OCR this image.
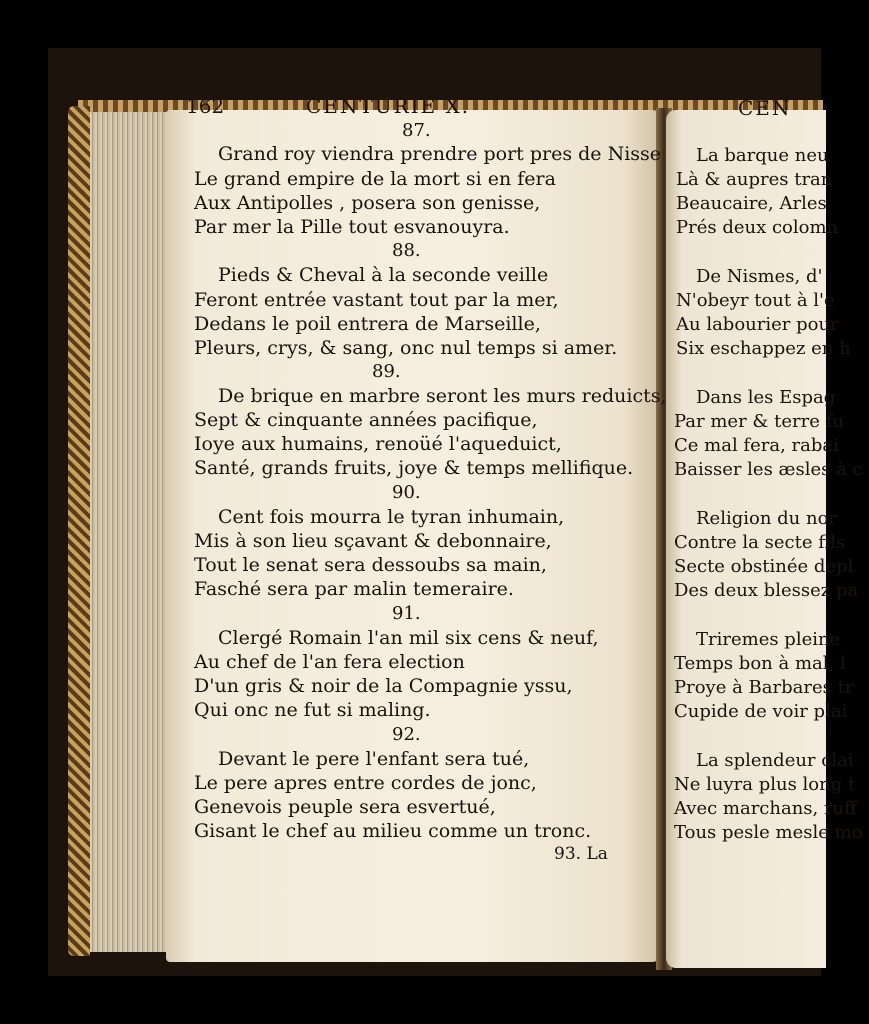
162	CENTURIE X.
87.
Grand roy viendra prendre port pres de Nisse
Le grand empire de la mort si en fera
Aux Antipolles , posera son genisse,
Par mer la Pille tout esvanouyra.
88.
Pieds & Cheval à la seconde veille
Feront entrée vastant tout par la mer,
Dedans le poil entrera de Marseille,
Pleurs, crys, & sang, onc nul temps si amer.
89.
De brique en marbre seront les murs reduicts,
Sept & cinquante années pacifique,
Ioye aux humains, renoüé l'aqueduict,
Santé, grands fruits, joye & temps mellifique.
90.
Cent fois mourra le tyran inhumain,
Mis à son lieu sçavant & debonnaire,
Tout le senat sera dessoubs sa main,
Fasché sera par malin temeraire.
91.
Clergé Romain l'an mil six cens & neuf,
Au chef de l'an fera election
D'un gris & noir de la Compagnie yssu,
Qui onc ne fut si maling.
92.
Devant le pere l'enfant sera tué,
Le pere apres entre cordes de jonc,
Genevois peuple sera esvertué,
Gisant le chef au milieu comme un tronc.
93. La
CEN
La barque neu
Là & aupres tran
Beaucaire, Arles
Prés deux colomn
De Nismes, d'
N'obeyr tout à l'e
Au labourier pour
Six eschappez en h
Dans les Espag
Par mer & terre fu
Ce mal fera, rabai
Baisser les æsles à c
Religion du nor
Contre la secte fils
Secte obstinée depl
Des deux blessez pa
Triremes pleine
Temps bon à mal, l
Proye à Barbares tr
Cupide de voir plai
La splendeur clai
Ne luyra plus long t
Avec marchans, ruff
Tous pesle mesle mo
